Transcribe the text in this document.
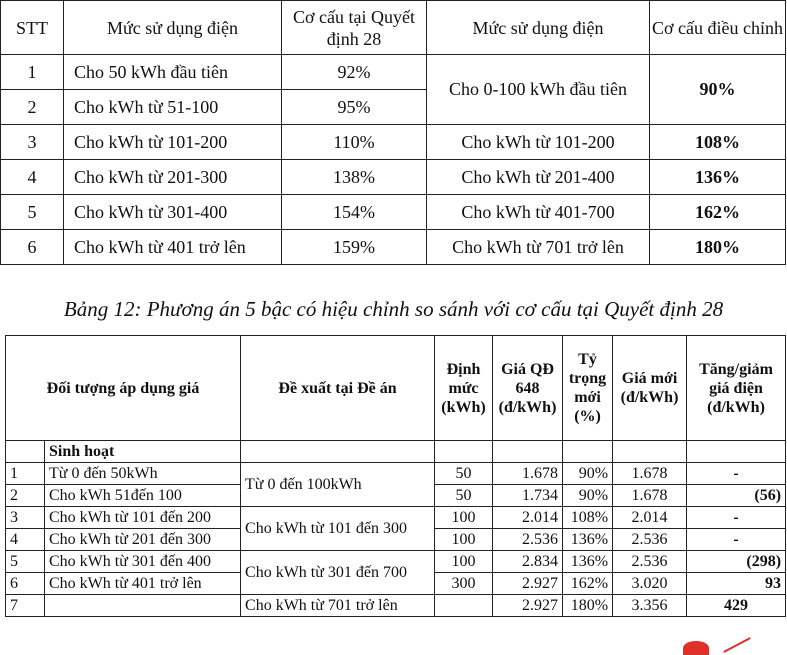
STT	Mức sử dụng điện	Cơ cấu tại Quyết định 28	Mức sử dụng điện	Cơ cấu điều chỉnh
1	Cho 50 kWh đầu tiên	92%	Cho 0-100 kWh đầu tiên	90%
2	Cho kWh từ 51-100	95%		
3	Cho kWh từ 101-200	110%	Cho kWh từ 101-200	108%
4	Cho kWh từ 201-300	138%	Cho kWh từ 201-400	136%
5	Cho kWh từ 301-400	154%	Cho kWh từ 401-700	162%
6	Cho kWh từ 401 trở lên	159%	Cho kWh từ 701 trở lên	180%
Bảng 12: Phương án 5 bậc có hiệu chỉnh so sánh với cơ cấu tại Quyết định 28
Đối tượng áp dụng giá		Đề xuất tại Đề án	Định mức (kWh)	Giá QĐ 648 (đ/kWh)	Tỷ trọng mới (%)	Giá mới (đ/kWh)	Tăng/giảm giá điện (đ/kWh)
	Sinh hoạt						
1	Từ 0 đến 50kWh	Từ 0 đến 100kWh	50	1.678	90%	1.678	-
2	Cho kWh 51đến 100		50	1.734	90%	1.678	(56)
3	Cho kWh từ 101 đến 200	Cho kWh từ 101 đến 300	100	2.014	108%	2.014	-
4	Cho kWh từ 201 đến 300		100	2.536	136%	2.536	-
5	Cho kWh từ 301 đến 400	Cho kWh từ 301 đến 700	100	2.834	136%	2.536	(298)
6	Cho kWh từ 401 trở lên		300	2.927	162%	3.020	93
7		Cho kWh từ 701 trở lên		2.927	180%	3.356	429
